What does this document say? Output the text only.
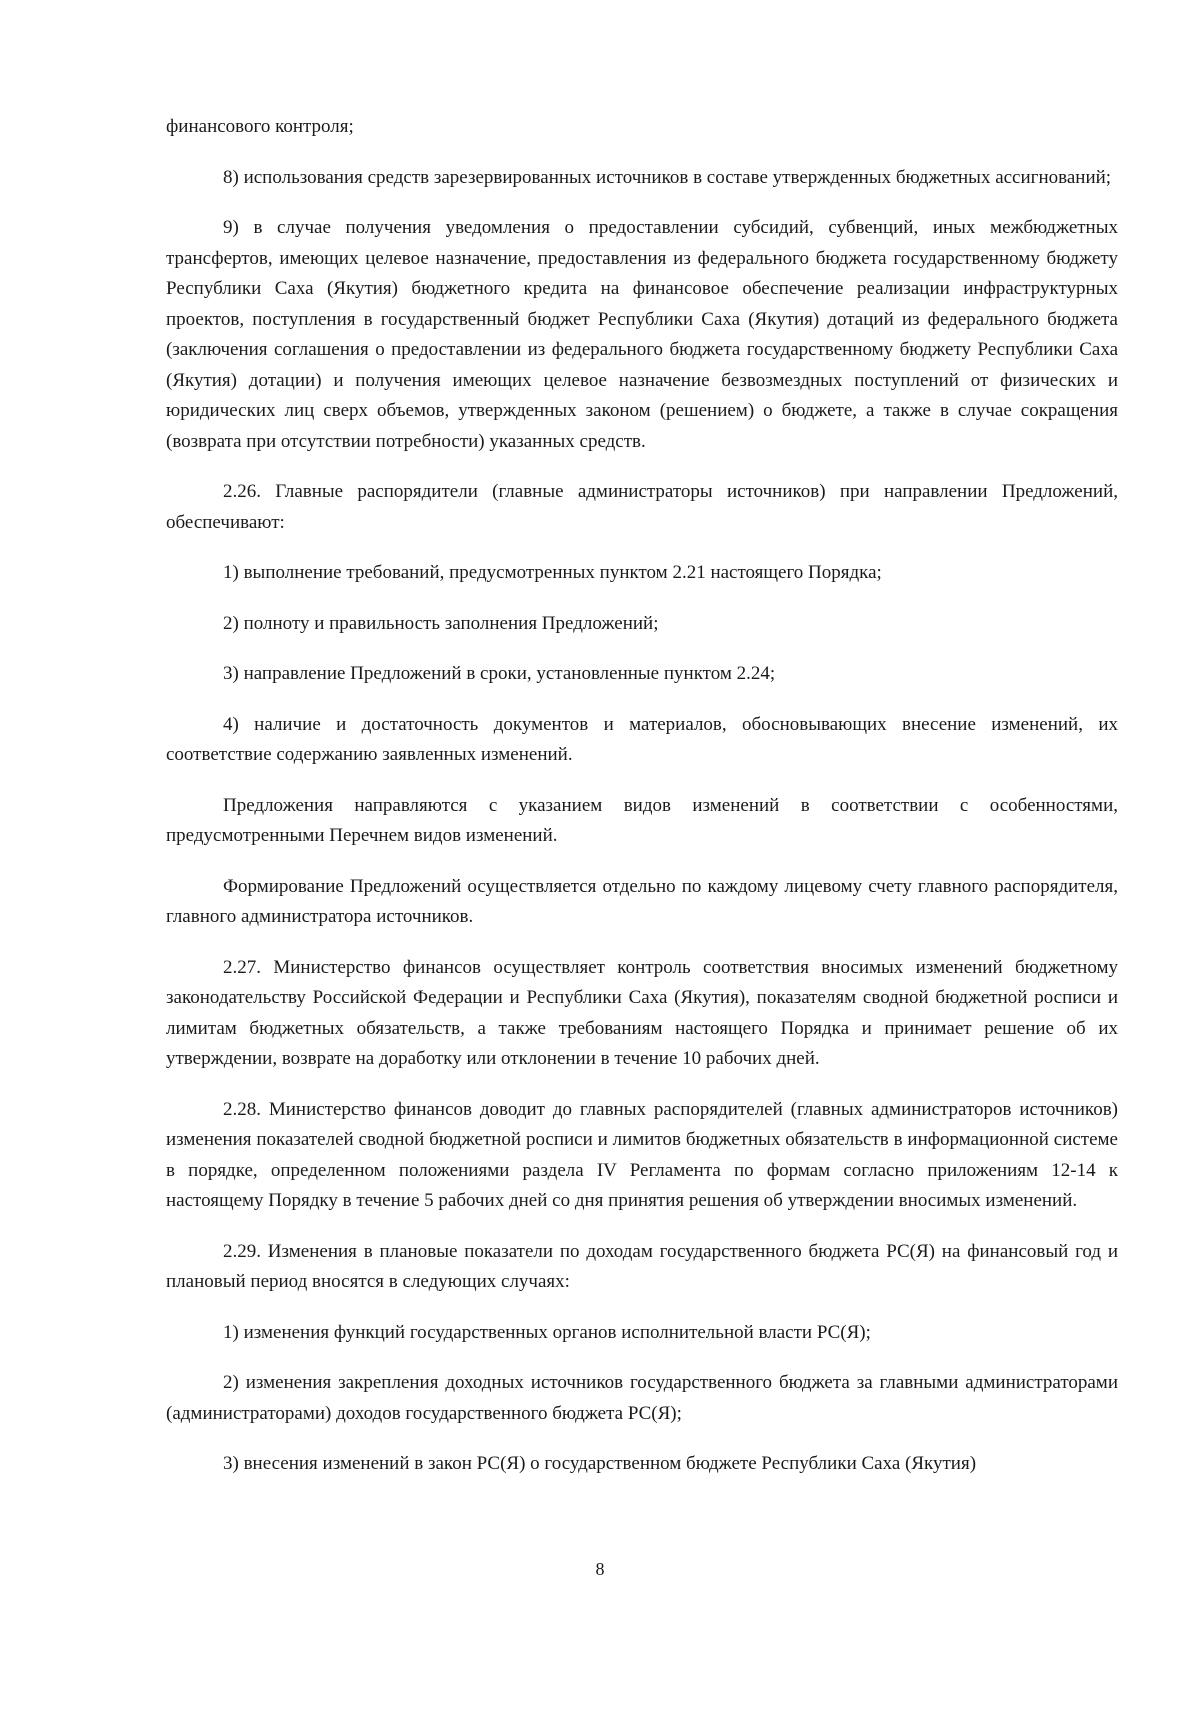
финансового контроля;

8) использования средств зарезервированных источников в составе утвержденных бюджетных ассигнований;

9) в случае получения уведомления о предоставлении субсидий, субвенций, иных межбюджетных трансфертов, имеющих целевое назначение, предоставления из федерального бюджета государственному бюджету Республики Саха (Якутия) бюджетного кредита на финансовое обеспечение реализации инфраструктурных проектов, поступления в государственный бюджет Республики Саха (Якутия) дотаций из федерального бюджета (заключения соглашения о предоставлении из федерального бюджета государственному бюджету Республики Саха (Якутия) дотации) и получения имеющих целевое назначение безвозмездных поступлений от физических и юридических лиц сверх объемов, утвержденных законом (решением) о бюджете, а также в случае сокращения (возврата при отсутствии потребности) указанных средств.

2.26. Главные распорядители (главные администраторы источников) при направлении Предложений, обеспечивают:

1) выполнение требований, предусмотренных пунктом 2.21 настоящего Порядка;

2) полноту и правильность заполнения Предложений;

3) направление Предложений в сроки, установленные пунктом 2.24;

4) наличие и достаточность документов и материалов, обосновывающих внесение изменений, их соответствие содержанию заявленных изменений.

Предложения направляются с указанием видов изменений в соответствии с особенностями, предусмотренными Перечнем видов изменений.

Формирование Предложений осуществляется отдельно по каждому лицевому счету главного распорядителя, главного администратора источников.

2.27. Министерство финансов осуществляет контроль соответствия вносимых изменений бюджетному законодательству Российской Федерации и Республики Саха (Якутия), показателям сводной бюджетной росписи и лимитам бюджетных обязательств, а также требованиям настоящего Порядка и принимает решение об их утверждении, возврате на доработку или отклонении в течение 10 рабочих дней.

2.28. Министерство финансов доводит до главных распорядителей (главных администраторов источников) изменения показателей сводной бюджетной росписи и лимитов бюджетных обязательств в информационной системе в порядке, определенном положениями раздела IV Регламента по формам согласно приложениям 12-14 к настоящему Порядку в течение 5 рабочих дней со дня принятия решения об утверждении вносимых изменений.

2.29. Изменения в плановые показатели по доходам государственного бюджета РС(Я) на финансовый год и плановый период вносятся в следующих случаях:

1) изменения функций государственных органов исполнительной власти РС(Я);

2) изменения закрепления доходных источников государственного бюджета за главными администраторами (администраторами) доходов государственного бюджета РС(Я);

3) внесения изменений в закон РС(Я) о государственном бюджете Республики Саха (Якутия)

8
